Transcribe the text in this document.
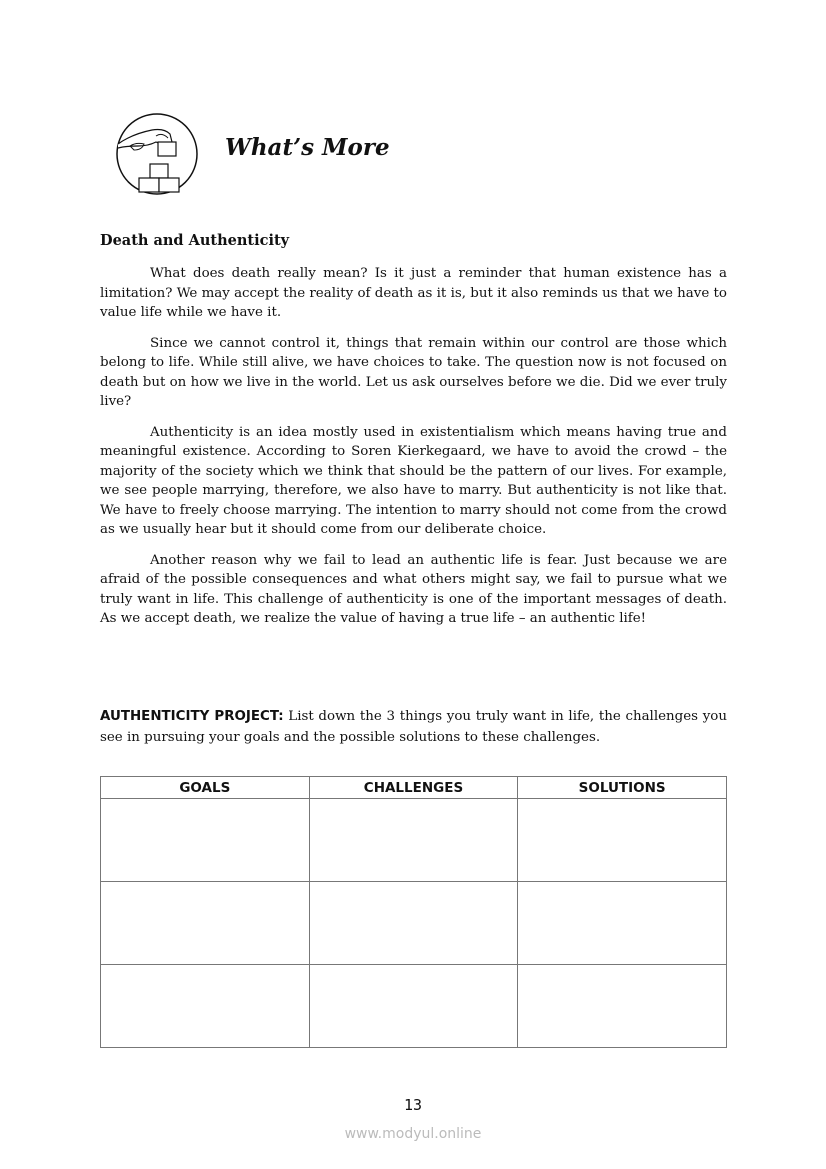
What’s More
Death and Authenticity

What does death really mean? Is it just a reminder that human existence has a limitation? We may accept the reality of death as it is, but it also reminds us that we have to value life while we have it.

Since we cannot control it, things that remain within our control are those which belong to life. While still alive, we have choices to take. The question now is not focused on death but on how we live in the world. Let us ask ourselves before we die. Did we ever truly live?

Authenticity is an idea mostly used in existentialism which means having true and meaningful existence. According to Soren Kierkegaard, we have to avoid the crowd – the majority of the society which we think that should be the pattern of our lives. For example, we see people marrying, therefore, we also have to marry. But authenticity is not like that. We have to freely choose marrying. The intention to marry should not come from the crowd as we usually hear but it should come from our deliberate choice.

Another reason why we fail to lead an authentic life is fear. Just because we are afraid of the possible consequences and what others might say, we fail to pursue what we truly want in life. This challenge of authenticity is one of the important messages of death. As we accept death, we realize the value of having a true life – an authentic life!

AUTHENTICITY PROJECT: List down the 3 things you truly want in life, the challenges you see in pursuing your goals and the possible solutions to these challenges.
GOALS	CHALLENGES	SOLUTIONS

13
www.modyul.online
